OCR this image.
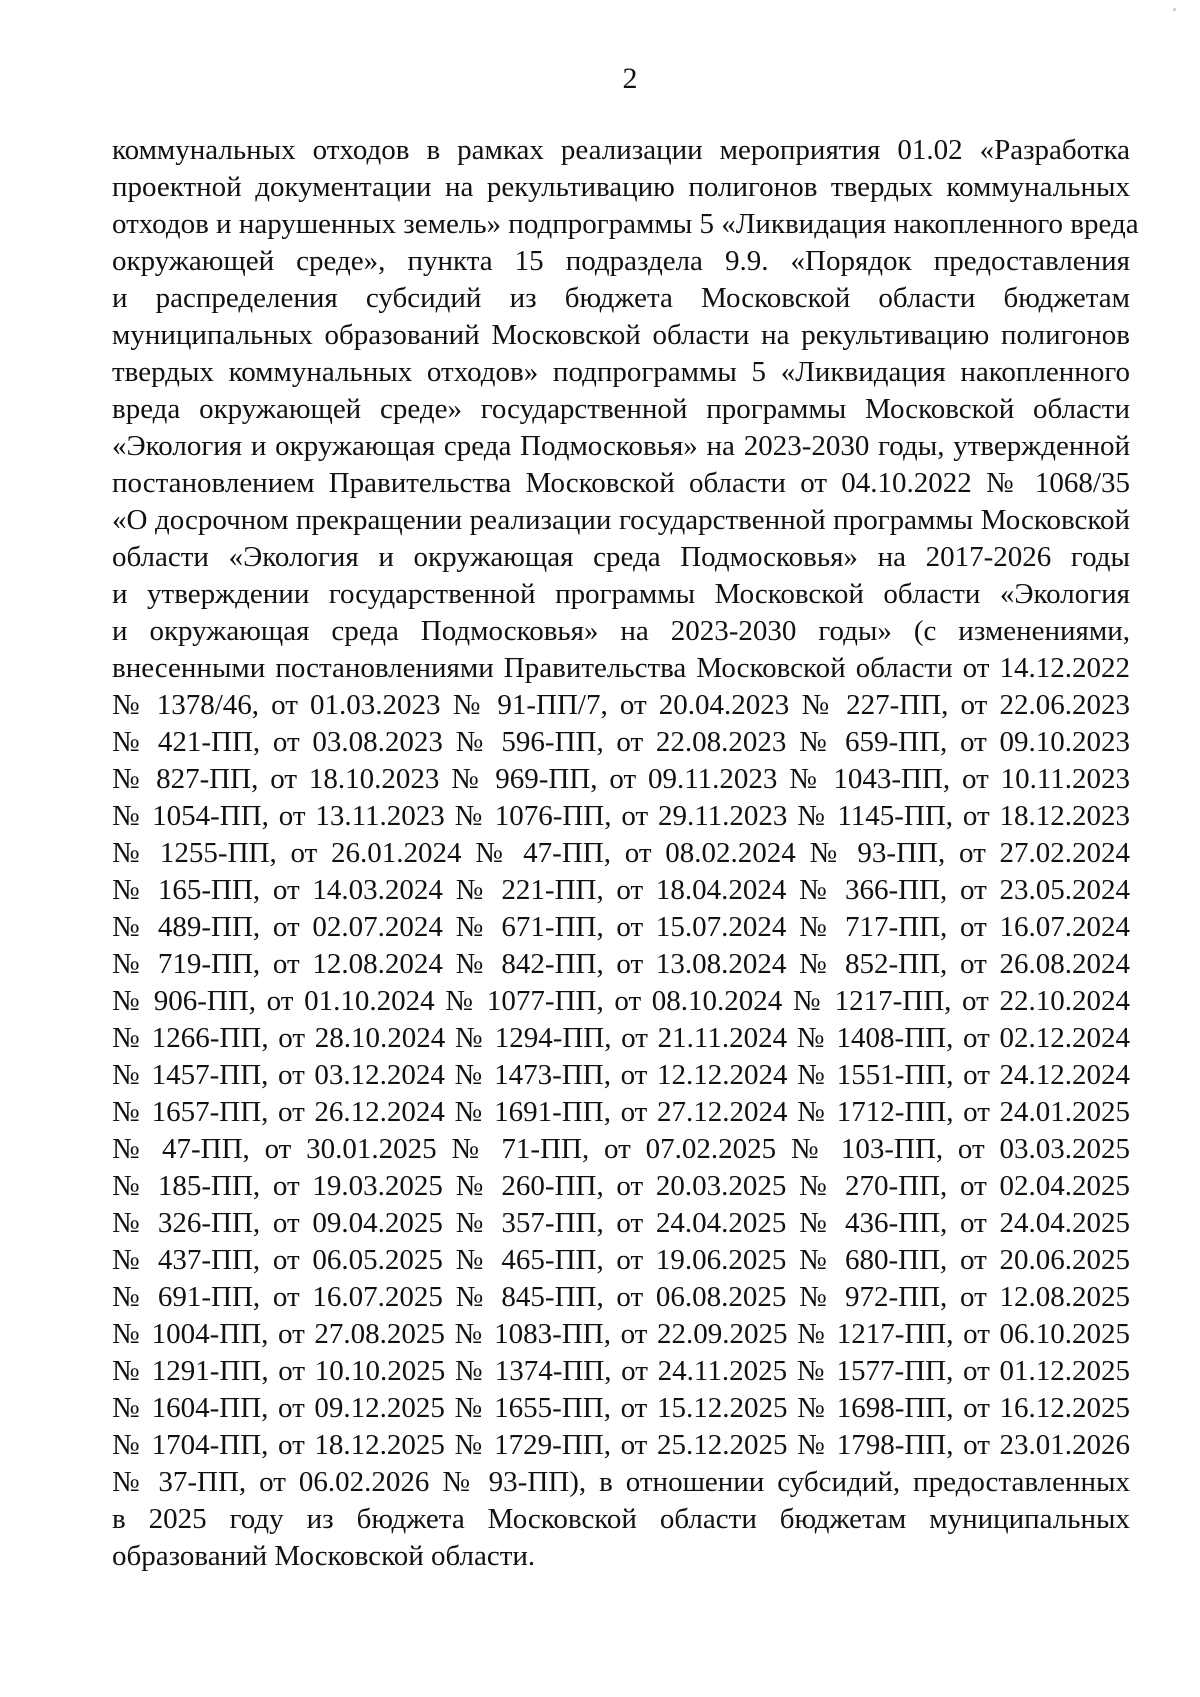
2
коммунальных отходов в рамках реализации мероприятия 01.02 «Разработка
проектной документации на рекультивацию полигонов твердых коммунальных
отходов и нарушенных земель» подпрограммы 5 «Ликвидация накопленного вреда
окружающей среде», пункта 15 подраздела 9.9. «Порядок предоставления
и распределения субсидий из бюджета Московской области бюджетам
муниципальных образований Московской области на рекультивацию полигонов
твердых коммунальных отходов» подпрограммы 5 «Ликвидация накопленного
вреда окружающей среде» государственной программы Московской области
«Экология и окружающая среда Подмосковья» на 2023-2030 годы, утвержденной
постановлением Правительства Московской области от 04.10.2022 № 1068/35
«О досрочном прекращении реализации государственной программы Московской
области «Экология и окружающая среда Подмосковья» на 2017-2026 годы
и утверждении государственной программы Московской области «Экология
и окружающая среда Подмосковья» на 2023-2030 годы» (с изменениями,
внесенными постановлениями Правительства Московской области от 14.12.2022
№ 1378/46, от 01.03.2023 № 91-ПП/7, от 20.04.2023 № 227-ПП, от 22.06.2023
№ 421-ПП, от 03.08.2023 № 596-ПП, от 22.08.2023 № 659-ПП, от 09.10.2023
№ 827-ПП, от 18.10.2023 № 969-ПП, от 09.11.2023 № 1043-ПП, от 10.11.2023
№ 1054-ПП, от 13.11.2023 № 1076-ПП, от 29.11.2023 № 1145-ПП, от 18.12.2023
№ 1255-ПП, от 26.01.2024 № 47-ПП, от 08.02.2024 № 93-ПП, от 27.02.2024
№ 165-ПП, от 14.03.2024 № 221-ПП, от 18.04.2024 № 366-ПП, от 23.05.2024
№ 489-ПП, от 02.07.2024 № 671-ПП, от 15.07.2024 № 717-ПП, от 16.07.2024
№ 719-ПП, от 12.08.2024 № 842-ПП, от 13.08.2024 № 852-ПП, от 26.08.2024
№ 906-ПП, от 01.10.2024 № 1077-ПП, от 08.10.2024 № 1217-ПП, от 22.10.2024
№ 1266-ПП, от 28.10.2024 № 1294-ПП, от 21.11.2024 № 1408-ПП, от 02.12.2024
№ 1457-ПП, от 03.12.2024 № 1473-ПП, от 12.12.2024 № 1551-ПП, от 24.12.2024
№ 1657-ПП, от 26.12.2024 № 1691-ПП, от 27.12.2024 № 1712-ПП, от 24.01.2025
№ 47-ПП, от 30.01.2025 № 71-ПП, от 07.02.2025 № 103-ПП, от 03.03.2025
№ 185-ПП, от 19.03.2025 № 260-ПП, от 20.03.2025 № 270-ПП, от 02.04.2025
№ 326-ПП, от 09.04.2025 № 357-ПП, от 24.04.2025 № 436-ПП, от 24.04.2025
№ 437-ПП, от 06.05.2025 № 465-ПП, от 19.06.2025 № 680-ПП, от 20.06.2025
№ 691-ПП, от 16.07.2025 № 845-ПП, от 06.08.2025 № 972-ПП, от 12.08.2025
№ 1004-ПП, от 27.08.2025 № 1083-ПП, от 22.09.2025 № 1217-ПП, от 06.10.2025
№ 1291-ПП, от 10.10.2025 № 1374-ПП, от 24.11.2025 № 1577-ПП, от 01.12.2025
№ 1604-ПП, от 09.12.2025 № 1655-ПП, от 15.12.2025 № 1698-ПП, от 16.12.2025
№ 1704-ПП, от 18.12.2025 № 1729-ПП, от 25.12.2025 № 1798-ПП, от 23.01.2026
№ 37-ПП, от 06.02.2026 № 93-ПП), в отношении субсидий, предоставленных
в 2025 году из бюджета Московской области бюджетам муниципальных
образований Московской области.
